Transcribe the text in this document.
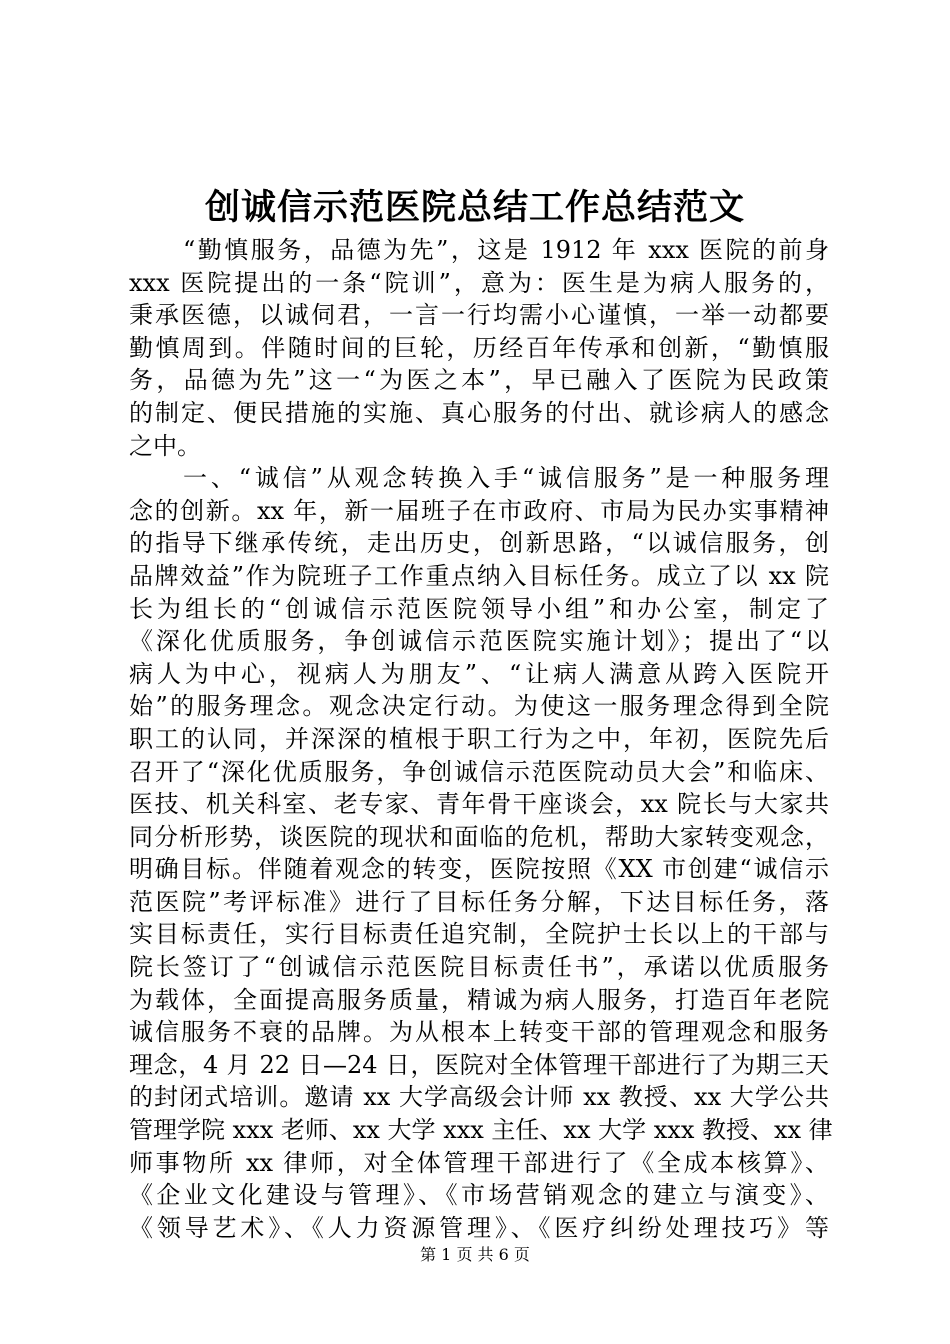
创诚信示范医院总结工作总结范文
“勤慎服务，品德为先”，这是 1912 年 xxx 医院的前身
xxx 医院提出的一条“院训”，意为：医生是为病人服务的，
秉承医德，以诚伺君，一言一行均需小心谨慎，一举一动都要
勤慎周到。伴随时间的巨轮，历经百年传承和创新，“勤慎服
务，品德为先”这一“为医之本”，早已融入了医院为民政策
的制定、便民措施的实施、真心服务的付出、就诊病人的感念
之中。
一、“诚信”从观念转换入手“诚信服务”是一种服务理
念的创新。xx 年，新一届班子在市政府、市局为民办实事精神
的指导下继承传统，走出历史，创新思路，“以诚信服务，创
品牌效益”作为院班子工作重点纳入目标任务。成立了以 xx 院
长为组长的“创诚信示范医院领导小组”和办公室，制定了
《深化优质服务，争创诚信示范医院实施计划》；提出了“以
病人为中心，视病人为朋友”、“让病人满意从跨入医院开
始”的服务理念。观念决定行动。为使这一服务理念得到全院
职工的认同，并深深的植根于职工行为之中，年初，医院先后
召开了“深化优质服务，争创诚信示范医院动员大会”和临床、
医技、机关科室、老专家、青年骨干座谈会，xx 院长与大家共
同分析形势，谈医院的现状和面临的危机，帮助大家转变观念，
明确目标。伴随着观念的转变，医院按照《XX 市创建“诚信示
范医院”考评标准》进行了目标任务分解，下达目标任务，落
实目标责任，实行目标责任追究制，全院护士长以上的干部与
院长签订了“创诚信示范医院目标责任书”，承诺以优质服务
为载体，全面提高服务质量，精诚为病人服务，打造百年老院
诚信服务不衰的品牌。为从根本上转变干部的管理观念和服务
理念，4 月 22 日—24 日，医院对全体管理干部进行了为期三天
的封闭式培训。邀请 xx 大学高级会计师 xx 教授、xx 大学公共
管理学院 xxx 老师、xx 大学 xxx 主任、xx 大学 xxx 教授、xx 律
师事物所 xx 律师，对全体管理干部进行了《全成本核算》、
《企业文化建设与管理》、《市场营销观念的建立与演变》、
《领导艺术》、《人力资源管理》、《医疗纠纷处理技巧》等
第 1 页 共 6 页
